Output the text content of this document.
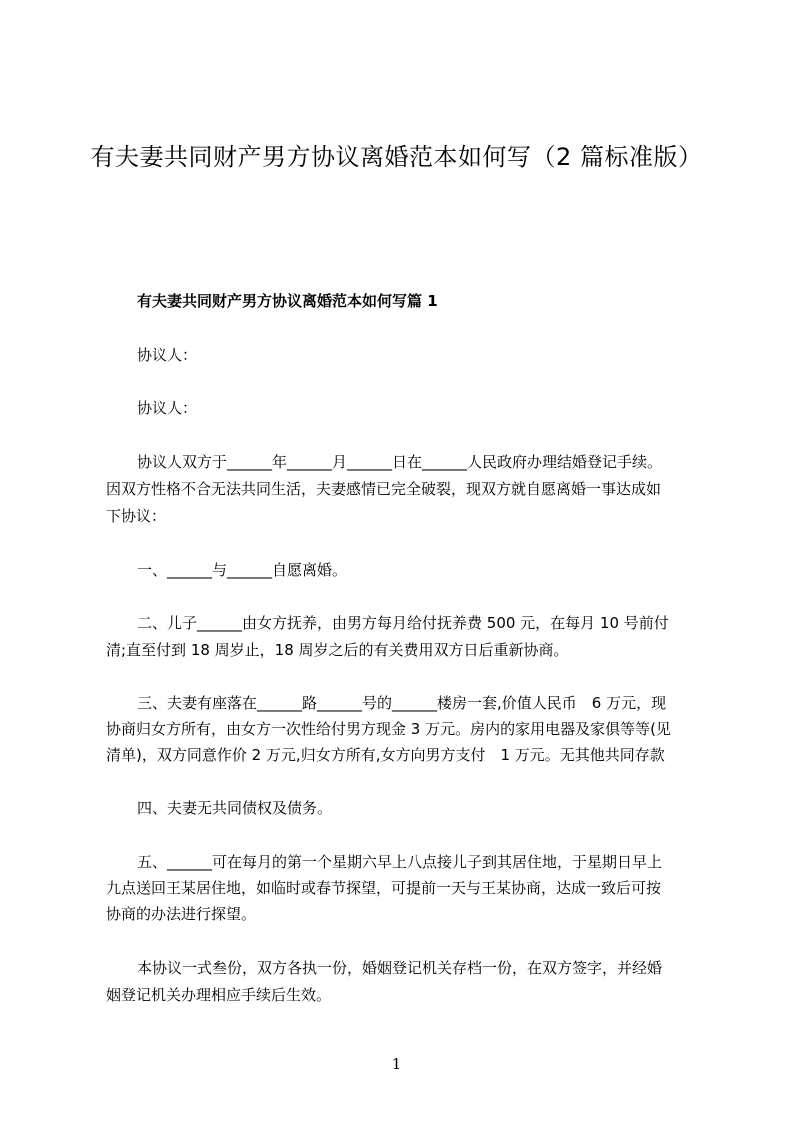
有夫妻共同财产男方协议离婚范本如何写（2 篇标准版）
有夫妻共同财产男方协议离婚范本如何写篇 1

协议人：

协议人：

协议人双方于______年______月______日在______人民政府办理结婚登记手续。

因双方性格不合无法共同生活，夫妻感情已完全破裂，现双方就自愿离婚一事达成如

下协议：

一、______与______自愿离婚。

二、儿子______由女方抚养，由男方每月给付抚养费 500 元，在每月 10 号前付

清;直至付到 18 周岁止，18 周岁之后的有关费用双方日后重新协商。

三、夫妻有座落在______路______号的______楼房一套,价值人民币　6 万元，现

协商归女方所有，由女方一次性给付男方现金 3 万元。房内的家用电器及家俱等等(见

清单)，双方同意作价 2 万元,归女方所有,女方向男方支付　1 万元。无其他共同存款

四、夫妻无共同债权及债务。

五、______可在每月的第一个星期六早上八点接儿子到其居住地，于星期日早上

九点送回王某居住地，如临时或春节探望，可提前一天与王某协商，达成一致后可按

协商的办法进行探望。

本协议一式叁份，双方各执一份，婚姻登记机关存档一份，在双方签字，并经婚

姻登记机关办理相应手续后生效。

1
